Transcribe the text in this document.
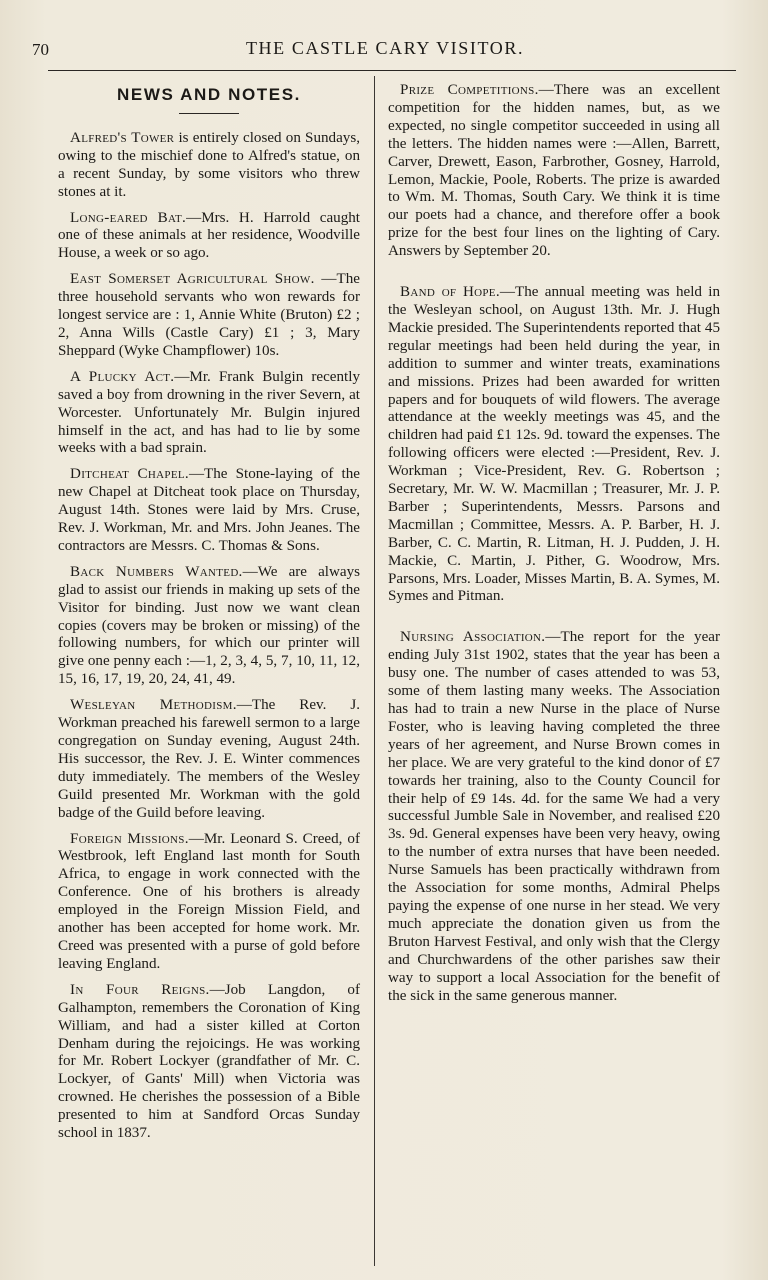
70	THE CASTLE CARY VISITOR.
NEWS AND NOTES.

Alfred's Tower is entirely closed on Sundays, owing to the mischief done to Alfred's statue, on a recent Sunday, by some visitors who threw stones at it.

Long-eared Bat.—Mrs. H. Harrold caught one of these animals at her residence, Woodville House, a week or so ago.

East Somerset Agricultural Show. —The three household servants who won rewards for longest service are : 1, Annie White (Bruton) £2 ; 2, Anna Wills (Castle Cary) £1 ; 3, Mary Sheppard (Wyke Champflower) 10s.

A Plucky Act.—Mr. Frank Bulgin recently saved a boy from drowning in the river Severn, at Worcester. Unfortunately Mr. Bulgin injured himself in the act, and has had to lie by some weeks with a bad sprain.

Ditcheat Chapel.—The Stone-laying of the new Chapel at Ditcheat took place on Thursday, August 14th. Stones were laid by Mrs. Cruse, Rev. J. Workman, Mr. and Mrs. John Jeanes. The contractors are Messrs. C. Thomas & Sons.

Back Numbers Wanted.—We are always glad to assist our friends in making up sets of the Visitor for binding. Just now we want clean copies (covers may be broken or missing) of the following numbers, for which our printer will give one penny each :—1, 2, 3, 4, 5, 7, 10, 11, 12, 15, 16, 17, 19, 20, 24, 41, 49.

Wesleyan Methodism.—The Rev. J. Workman preached his farewell sermon to a large congregation on Sunday evening, August 24th. His successor, the Rev. J. E. Winter commences duty immediately. The members of the Wesley Guild presented Mr. Workman with the gold badge of the Guild before leaving.

Foreign Missions.—Mr. Leonard S. Creed, of Westbrook, left England last month for South Africa, to engage in work connected with the Conference. One of his brothers is already employed in the Foreign Mission Field, and another has been accepted for home work. Mr. Creed was presented with a purse of gold before leaving England.

In Four Reigns.—Job Langdon, of Galhampton, remembers the Coronation of King William, and had a sister killed at Corton Denham during the rejoicings. He was working for Mr. Robert Lockyer (grandfather of Mr. C. Lockyer, of Gants' Mill) when Victoria was crowned. He cherishes the possession of a Bible presented to him at Sandford Orcas Sunday school in 1837.

Prize Competitions.—There was an excellent competition for the hidden names, but, as we expected, no single competitor succeeded in using all the letters. The hidden names were :—Allen, Barrett, Carver, Drewett, Eason, Farbrother, Gosney, Harrold, Lemon, Mackie, Poole, Roberts. The prize is awarded to Wm. M. Thomas, South Cary. We think it is time our poets had a chance, and therefore offer a book prize for the best four lines on the lighting of Cary. Answers by September 20.

Band of Hope.—The annual meeting was held in the Wesleyan school, on August 13th. Mr. J. Hugh Mackie presided. The Superintendents reported that 45 regular meetings had been held during the year, in addition to summer and winter treats, examinations and missions. Prizes had been awarded for written papers and for bouquets of wild flowers. The average attendance at the weekly meetings was 45, and the children had paid £1 12s. 9d. toward the expenses. The following officers were elected :—President, Rev. J. Workman ; Vice-President, Rev. G. Robertson ; Secretary, Mr. W. W. Macmillan ; Treasurer, Mr. J. P. Barber ; Superintendents, Messrs. Parsons and Macmillan ; Committee, Messrs. A. P. Barber, H. J. Barber, C. C. Martin, R. Litman, H. J. Pudden, J. H. Mackie, C. Martin, J. Pither, G. Woodrow, Mrs. Parsons, Mrs. Loader, Misses Martin, B. A. Symes, M. Symes and Pitman.

Nursing Association.—The report for the year ending July 31st 1902, states that the year has been a busy one. The number of cases attended to was 53, some of them lasting many weeks. The Association has had to train a new Nurse in the place of Nurse Foster, who is leaving having completed the three years of her agreement, and Nurse Brown comes in her place. We are very grateful to the kind donor of £7 towards her training, also to the County Council for their help of £9 14s. 4d. for the same We had a very successful Jumble Sale in November, and realised £20 3s. 9d. General expenses have been very heavy, owing to the number of extra nurses that have been needed. Nurse Samuels has been practically withdrawn from the Association for some months, Admiral Phelps paying the expense of one nurse in her stead. We very much appreciate the donation given us from the Bruton Harvest Festival, and only wish that the Clergy and Churchwardens of the other parishes saw their way to support a local Association for the benefit of the sick in the same generous manner.
